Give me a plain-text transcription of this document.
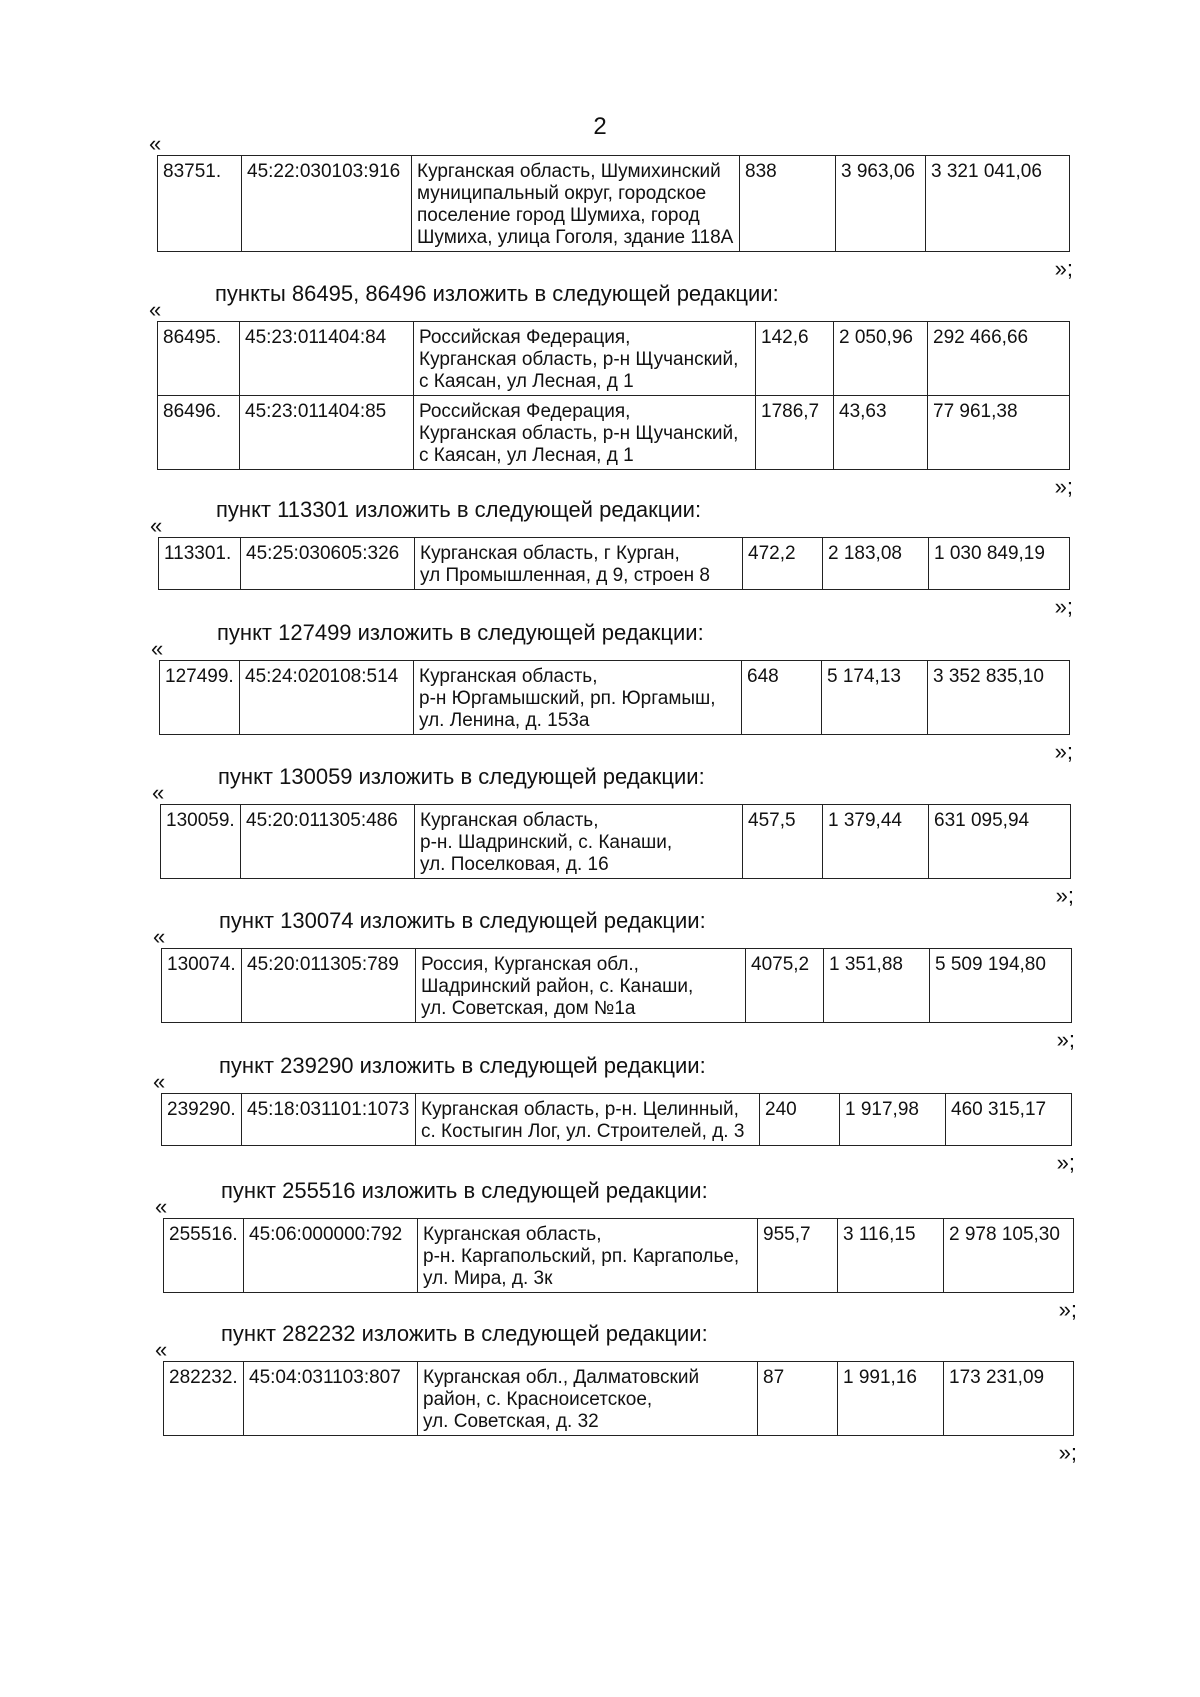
2
«
83751.	45:22:030103:916	Курганская область, Шумихинский
муниципальный округ, городское
поселение город Шумиха, город
Шумиха, улица Гоголя, здание 118А
	838	3 963,06	3 321 041,06
»;
пункты 86495, 86496 изложить в следующей редакции:
«
86495.	45:23:011404:84	Российская Федерация,
Курганская область, р-н Щучанский,
с Каясан, ул Лесная, д 1	142,6	2 050,96	292 466,66
86496.	45:23:011404:85	Российская Федерация,
Курганская область, р-н Щучанский,
с Каясан, ул Лесная, д 1	1786,7	43,63	77 961,38
»;
пункт 113301 изложить в следующей редакции:
«
113301.	45:25:030605:326	Курганская область, г Курган,
ул Промышленная, д 9, строен 8
	472,2	2 183,08	1 030 849,19
»;
пункт 127499 изложить в следующей редакции:
«
127499.	45:24:020108:514	Курганская область,
р-н Юргамышский, рп. Юргамыш,
ул. Ленина, д. 153а
	648	5 174,13	3 352 835,10
»;
пункт 130059 изложить в следующей редакции:
«
130059.	45:20:011305:486	Курганская область,
р-н. Шадринский, с. Канаши,
ул. Поселковая, д. 16
	457,5	1 379,44	631 095,94
»;
пункт 130074 изложить в следующей редакции:
«
130074.	45:20:011305:789	Россия, Курганская обл.,
Шадринский район, с. Канаши,
ул. Советская, дом №1а
	4075,2	1 351,88	5 509 194,80
»;
пункт 239290 изложить в следующей редакции:
«
239290.	45:18:031101:1073	Курганская область, р-н. Целинный,
с. Костыгин Лог, ул. Строителей, д. 3
	240	1 917,98	460 315,17
»;
пункт 255516 изложить в следующей редакции:
«
255516.	45:06:000000:792	Курганская область,
р-н. Каргапольский, рп. Каргаполье,
ул. Мира, д. 3к
	955,7	3 116,15	2 978 105,30
»;
пункт 282232 изложить в следующей редакции:
«
282232.	45:04:031103:807	Курганская обл., Далматовский
район, с. Красноисетское,
ул. Советская, д. 32
	87	1 991,16	173 231,09
»;
